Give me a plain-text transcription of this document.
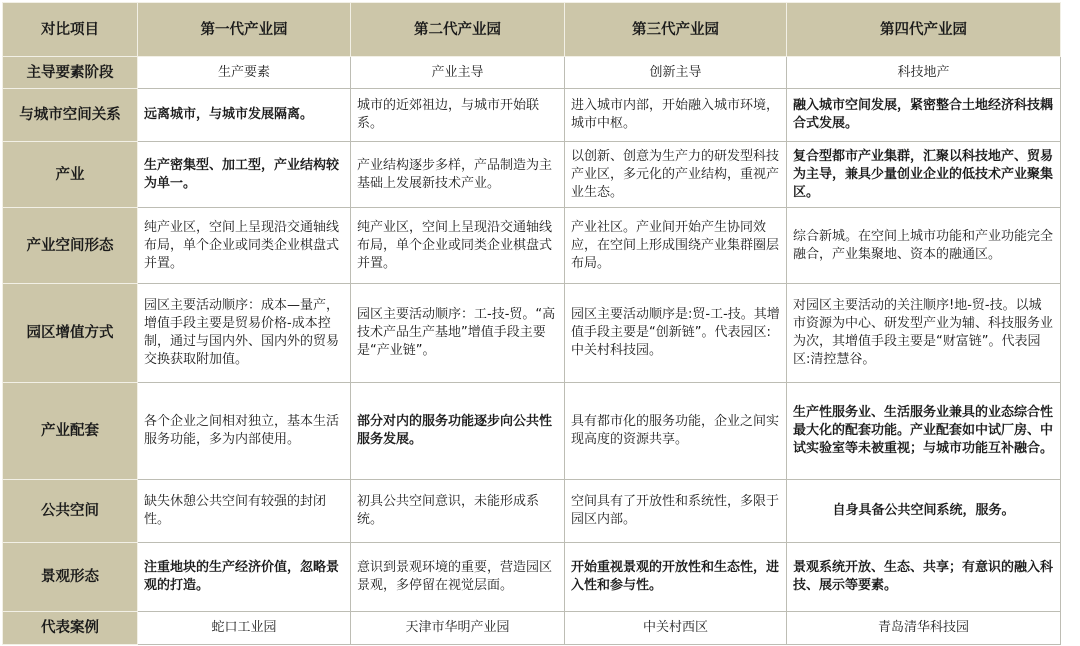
对比项目	第一代产业园	第二代产业园	第三代产业园	第四代产业园
主导要素阶段	生产要素	产业主导	创新主导	科技地产
与城市空间关系	远离城市，与城市发展隔离。	城市的近郊祖边，与城市开始联系。	进入城市内部，开始融入城市环境，城市中枢。	融入城市空间发展，紧密整合土地经济科技耦合式发展。
产业	生产密集型、加工型，产业结构较为单一。	产业结构逐步多样，产品制造为主基础上发展新技术产业。	以创新、创意为生产力的研发型科技产业区，多元化的产业结构，重视产业生态。	复合型都市产业集群，汇聚以科技地产、贸易为主导，兼具少量创业企业的低技术产业聚集区。
产业空间形态	纯产业区，空间上呈现沿交通轴线布局，单个企业或同类企业棋盘式并置。	纯产业区，空间上呈现沿交通轴线布局，单个企业或同类企业棋盘式并置。	产业社区。产业间开始产生协同效应，在空间上形成围绕产业集群圈层布局。	综合新城。在空间上城市功能和产业功能完全融合，产业集聚地、资本的融通区。
园区增值方式	园区主要活动顺序：成本—量产，增值手段主要是贸易价格-成本控制，通过与国内外、国内外的贸易交换获取附加值。	园区主要活动顺序：工-技-贸。“高技术产品生产基地”增值手段主要是“产业链”。	园区主要活动顺序是:贸-工-技。其增值手段主要是“创新链”。代表园区:中关村科技园。	对园区主要活动的关注顺序!地-贸-技。以城市资源为中心、研发型产业为辅、科技服务业为次，其增值手段主要是“财富链”。代表园区:清控慧谷。
产业配套	各个企业之间相对独立，基本生活服务功能，多为内部使用。	部分对内的服务功能逐步向公共性服务发展。	具有都市化的服务功能，企业之间实现高度的资源共享。	生产性服务业、生活服务业兼具的业态综合性最大化的配套功能。产业配套如中试厂房、中试实验室等未被重视；与城市功能互补融合。
公共空间	缺失休憩公共空间有较强的封闭性。	初具公共空间意识，未能形成系统。	空间具有了开放性和系统性，多限于园区内部。	自身具备公共空间系统，服务。
景观形态	注重地块的生产经济价值，忽略景观的打造。	意识到景观环境的重要，营造园区景观，多停留在视觉层面。	开始重视景观的开放性和生态性，进入性和参与性。	景观系统开放、生态、共享；有意识的融入科技、展示等要素。
代表案例	蛇口工业园	天津市华明产业园	中关村西区	青岛清华科技园
